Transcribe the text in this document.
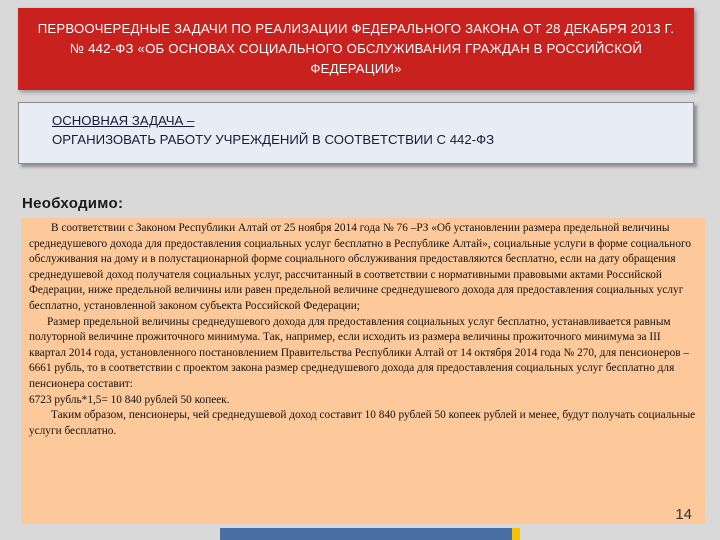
ПЕРВООЧЕРЕДНЫЕ ЗАДАЧИ ПО РЕАЛИЗАЦИИ ФЕДЕРАЛЬНОГО ЗАКОНА ОТ 28 ДЕКАБРЯ 2013 Г. № 442-ФЗ «ОБ ОСНОВАХ СОЦИАЛЬНОГО ОБСЛУЖИВАНИЯ ГРАЖДАН В РОССИЙСКОЙ ФЕДЕРАЦИИ»
ОСНОВНАЯ ЗАДАЧА –
ОРГАНИЗОВАТЬ РАБОТУ УЧРЕЖДЕНИЙ В СООТВЕТСТВИИ С 442-ФЗ
Необходимо:

В соответствии с Законом Республики Алтай от 25 ноября 2014 года № 76 –РЗ «Об установлении размера предельной величины среднедушевого дохода для предоставления социальных услуг бесплатно в Республике Алтай», социальные услуги в форме социального обслуживания на дому и в полустационарной форме социального обслуживания предоставляются бесплатно, если на дату обращения среднедушевой доход получателя социальных услуг, рассчитанный в соответствии с нормативными правовыми актами Российской Федерации, ниже предельной величины или равен предельной величине среднедушевого дохода для предоставления социальных услуг бесплатно, установленной законом субъекта Российской Федерации;

Размер предельной величины среднедушевого дохода для предоставления социальных услуг бесплатно, устанавливается равным полуторной величине прожиточного минимума. Так, например, если исходить из размера величины прожиточного минимума за III квартал 2014 года, установленного постановлением Правительства Республики Алтай от 14 октября 2014 года № 270, для пенсионеров – 6661 рубль, то в соответствии с проектом закона размер среднедушевого дохода для предоставления социальных услуг бесплатно для пенсионера составит:

6723 рубль*1,5= 10 840 рублей 50 копеек.

Таким образом, пенсионеры, чей среднедушевой доход составит 10 840 рублей 50 копеек рублей и менее, будут получать социальные услуги бесплатно.

14
